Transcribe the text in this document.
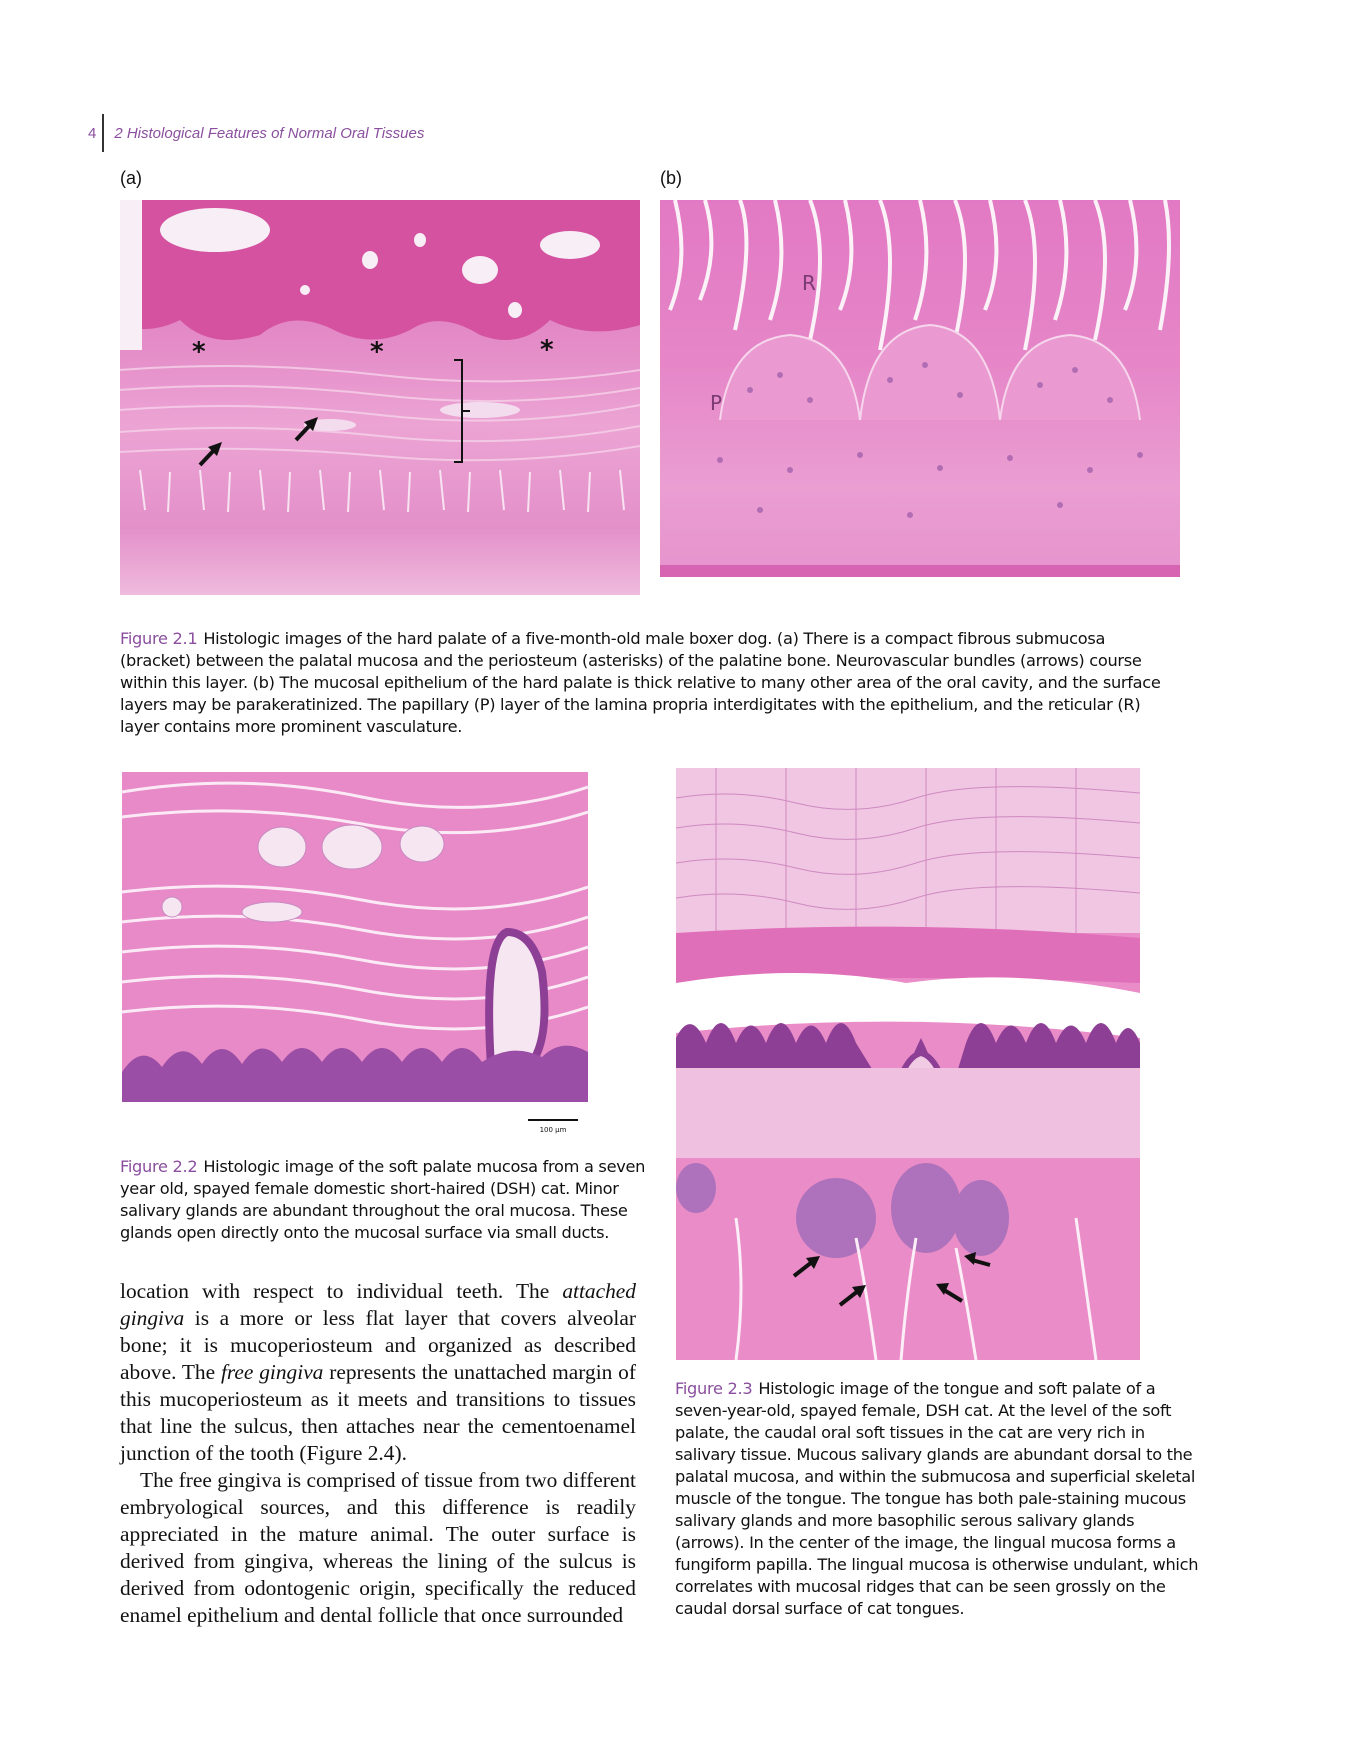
4 2 Histological Features of Normal Oral Tissues
(a)	(b)
*	*	*
R
P
Figure 2.1 Histologic images of the hard palate of a five-month-old male boxer dog. (a) There is a compact fibrous submucosa (bracket) between the palatal mucosa and the periosteum (asterisks) of the palatine bone. Neurovascular bundles (arrows) course within this layer. (b) The mucosal epithelium of the hard palate is thick relative to many other area of the oral cavity, and the surface layers may be parakeratinized. The papillary (P) layer of the lamina propria interdigitates with the epithelium, and the reticular (R) layer contains more prominent vasculature.
100 µm
Figure 2.2 Histologic image of the soft palate mucosa from a seven year old, spayed female domestic short-haired (DSH) cat. Minor salivary glands are abundant throughout the oral mucosa. These glands open directly onto the mucosal surface via small ducts.
Figure 2.3 Histologic image of the tongue and soft palate of a seven-year-old, spayed female, DSH cat. At the level of the soft palate, the caudal oral soft tissues in the cat are very rich in salivary tissue. Mucous salivary glands are abundant dorsal to the palatal mucosa, and within the submucosa and superficial skeletal muscle of the tongue. The tongue has both pale-staining mucous salivary glands and more basophilic serous salivary glands (arrows). In the center of the image, the lingual mucosa forms a fungiform papilla. The lingual mucosa is otherwise undulant, which correlates with mucosal ridges that can be seen grossly on the caudal dorsal surface of cat tongues.

location with respect to individual teeth. The attached gingiva is a more or less flat layer that covers alveolar bone; it is mucoperiosteum and organized as described above. The free gingiva represents the unattached margin of this mucoperiosteum as it meets and transitions to tissues that line the sulcus, then attaches near the cementoenamel junction of the tooth (Figure 2.4).

The free gingiva is comprised of tissue from two different embryological sources, and this difference is readily appreciated in the mature animal. The outer surface is derived from gingiva, whereas the lining of the sulcus is derived from odontogenic origin, specifically the reduced enamel epithelium and dental follicle that once surrounded
